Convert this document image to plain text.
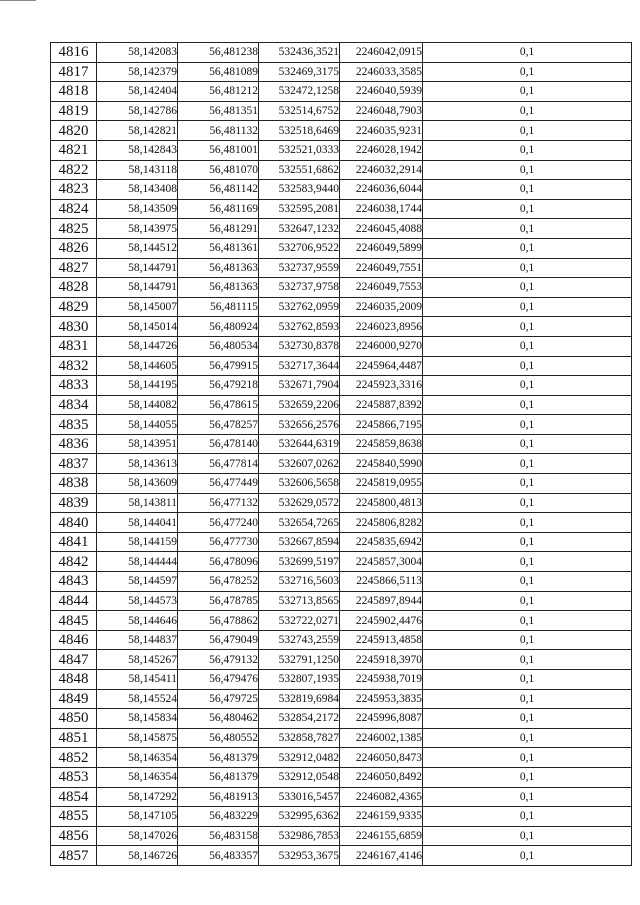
4816	58,142083	56,481238	532436,3521	2246042,0915	0,1
4817	58,142379	56,481089	532469,3175	2246033,3585	0,1
4818	58,142404	56,481212	532472,1258	2246040,5939	0,1
4819	58,142786	56,481351	532514,6752	2246048,7903	0,1
4820	58,142821	56,481132	532518,6469	2246035,9231	0,1
4821	58,142843	56,481001	532521,0333	2246028,1942	0,1
4822	58,143118	56,481070	532551,6862	2246032,2914	0,1
4823	58,143408	56,481142	532583,9440	2246036,6044	0,1
4824	58,143509	56,481169	532595,2081	2246038,1744	0,1
4825	58,143975	56,481291	532647,1232	2246045,4088	0,1
4826	58,144512	56,481361	532706,9522	2246049,5899	0,1
4827	58,144791	56,481363	532737,9559	2246049,7551	0,1
4828	58,144791	56,481363	532737,9758	2246049,7553	0,1
4829	58,145007	56,481115	532762,0959	2246035,2009	0,1
4830	58,145014	56,480924	532762,8593	2246023,8956	0,1
4831	58,144726	56,480534	532730,8378	2246000,9270	0,1
4832	58,144605	56,479915	532717,3644	2245964,4487	0,1
4833	58,144195	56,479218	532671,7904	2245923,3316	0,1
4834	58,144082	56,478615	532659,2206	2245887,8392	0,1
4835	58,144055	56,478257	532656,2576	2245866,7195	0,1
4836	58,143951	56,478140	532644,6319	2245859,8638	0,1
4837	58,143613	56,477814	532607,0262	2245840,5990	0,1
4838	58,143609	56,477449	532606,5658	2245819,0955	0,1
4839	58,143811	56,477132	532629,0572	2245800,4813	0,1
4840	58,144041	56,477240	532654,7265	2245806,8282	0,1
4841	58,144159	56,477730	532667,8594	2245835,6942	0,1
4842	58,144444	56,478096	532699,5197	2245857,3004	0,1
4843	58,144597	56,478252	532716,5603	2245866,5113	0,1
4844	58,144573	56,478785	532713,8565	2245897,8944	0,1
4845	58,144646	56,478862	532722,0271	2245902,4476	0,1
4846	58,144837	56,479049	532743,2559	2245913,4858	0,1
4847	58,145267	56,479132	532791,1250	2245918,3970	0,1
4848	58,145411	56,479476	532807,1935	2245938,7019	0,1
4849	58,145524	56,479725	532819,6984	2245953,3835	0,1
4850	58,145834	56,480462	532854,2172	2245996,8087	0,1
4851	58,145875	56,480552	532858,7827	2246002,1385	0,1
4852	58,146354	56,481379	532912,0482	2246050,8473	0,1
4853	58,146354	56,481379	532912,0548	2246050,8492	0,1
4854	58,147292	56,481913	533016,5457	2246082,4365	0,1
4855	58,147105	56,483229	532995,6362	2246159,9335	0,1
4856	58,147026	56,483158	532986,7853	2246155,6859	0,1
4857	58,146726	56,483357	532953,3675	2246167,4146	0,1
